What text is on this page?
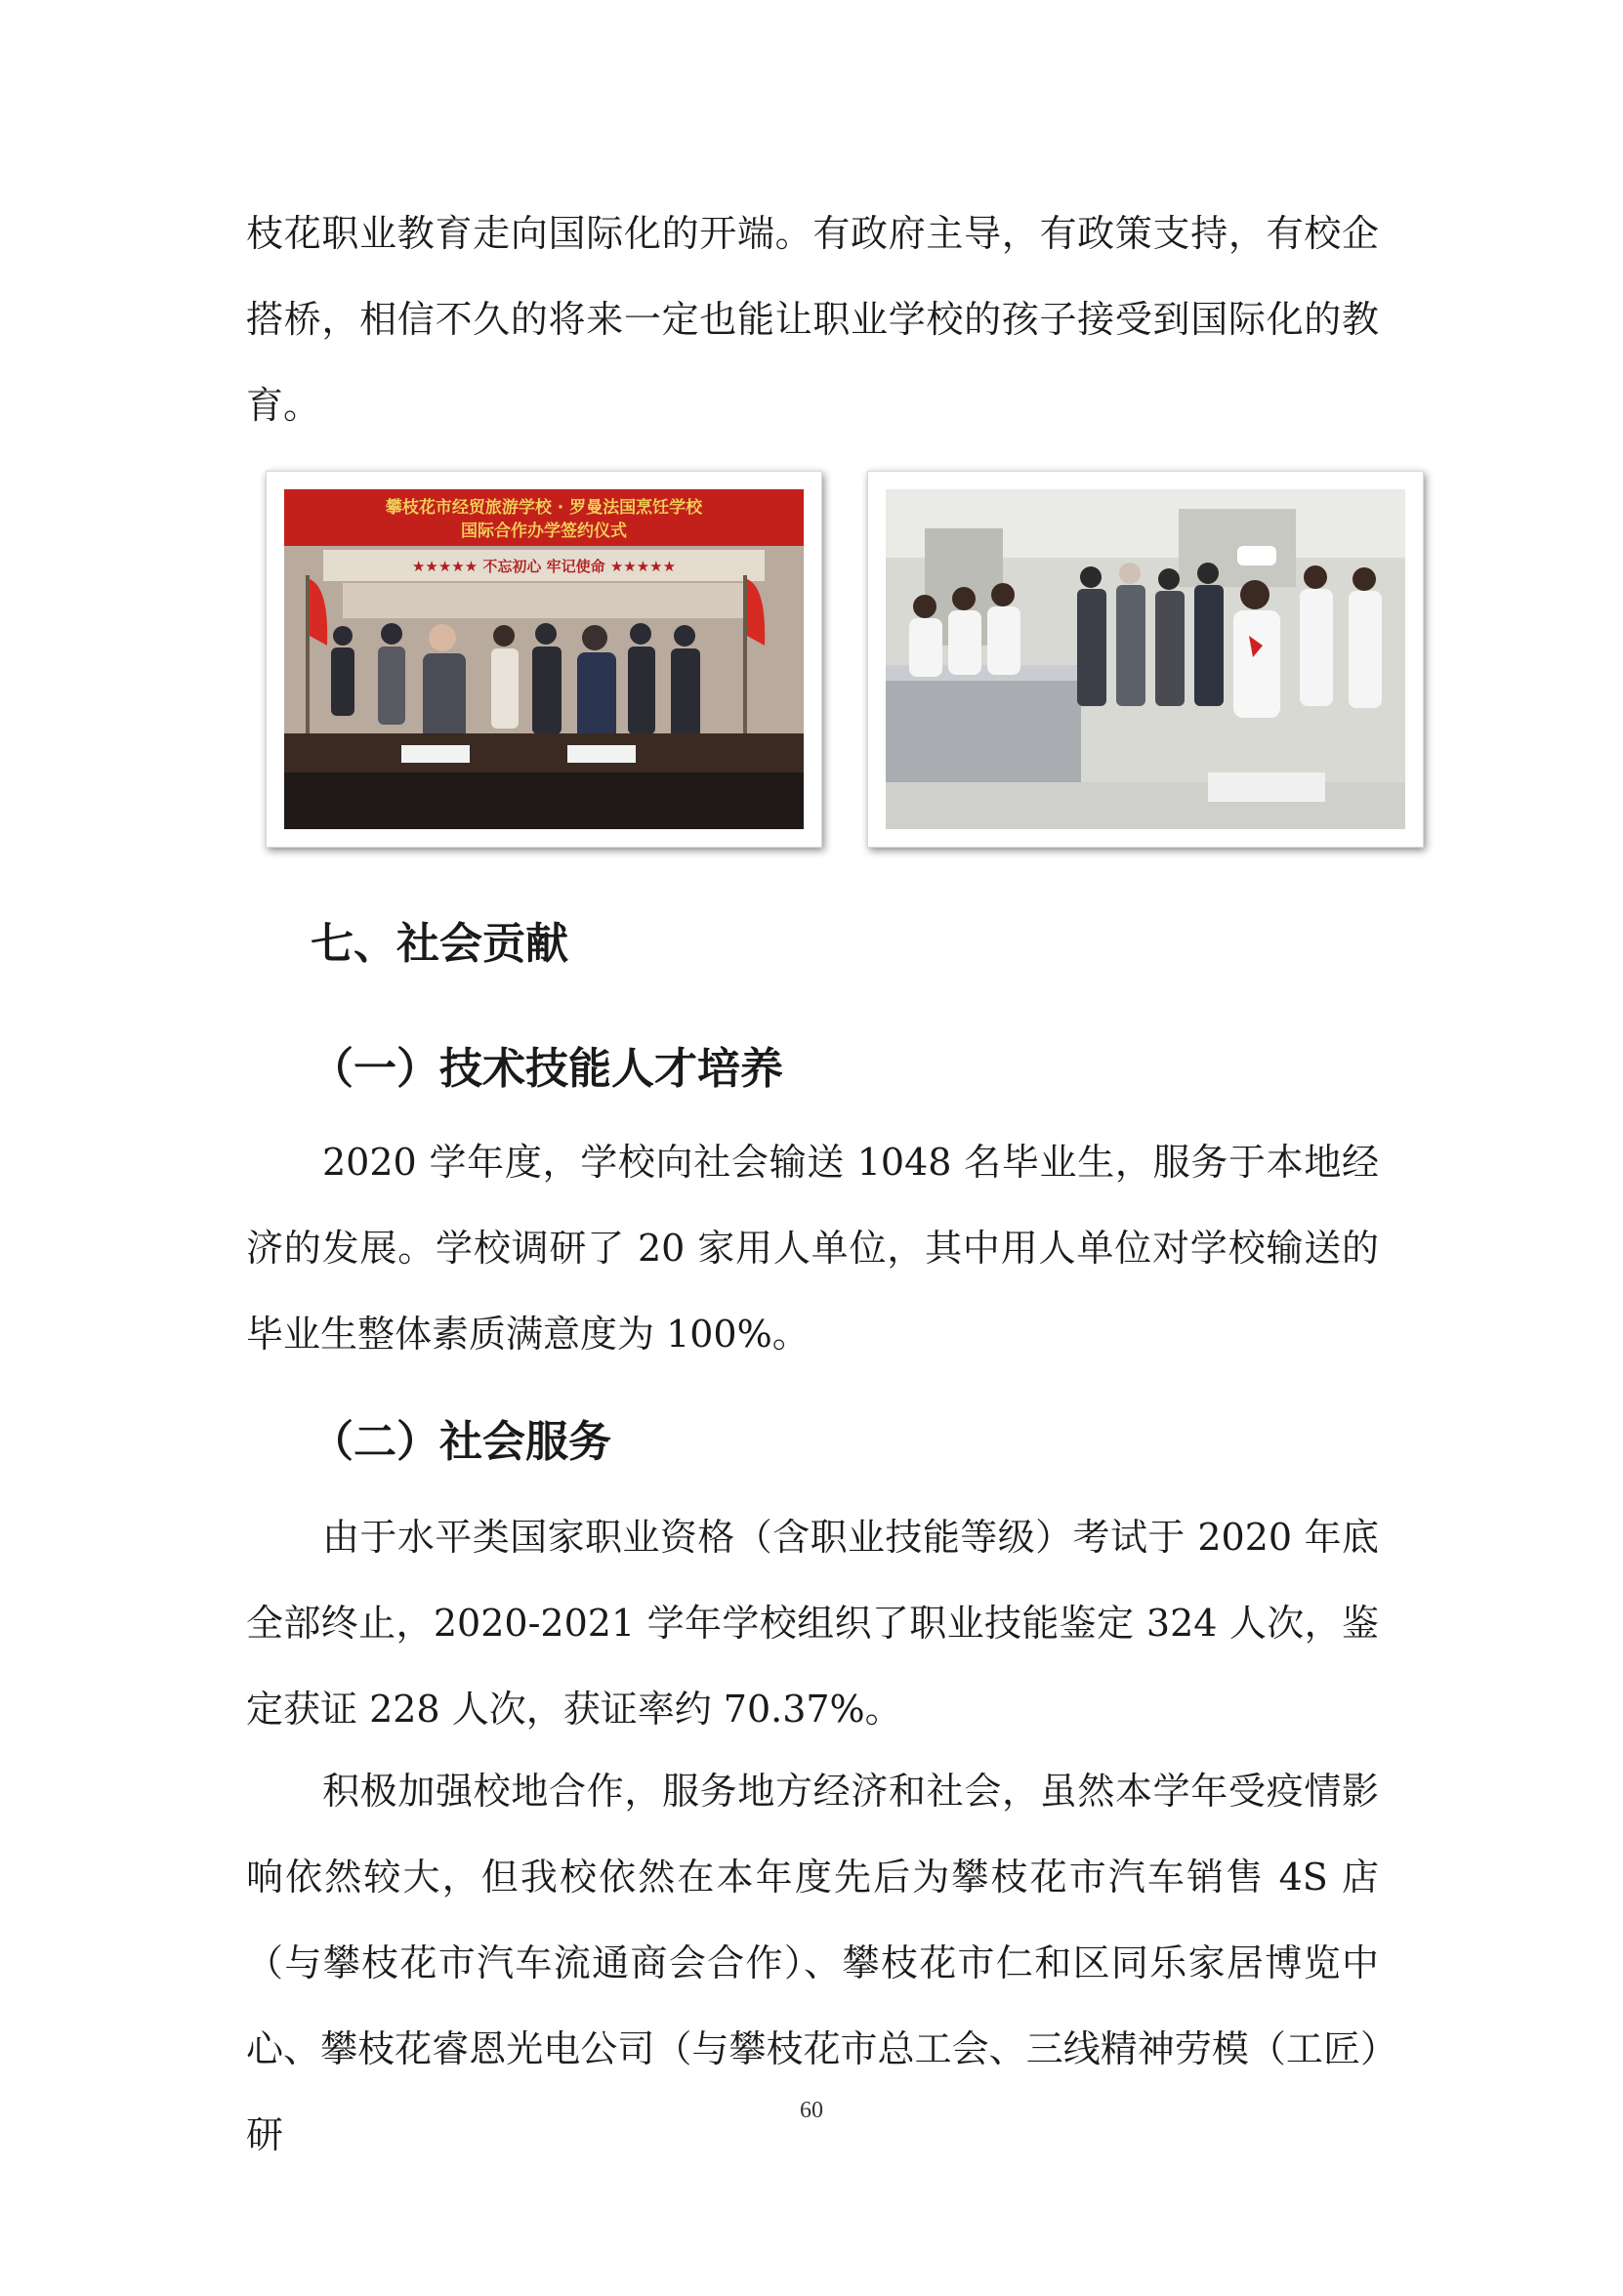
枝花职业教育走向国际化的开端。有政府主导，有政策支持，有校企搭桥，相信不久的将来一定也能让职业学校的孩子接受到国际化的教育。

攀枝花市经贸旅游学校 · 罗曼法国烹饪学校
国际合作办学签约仪式
★★★★★ 不忘初心 牢记使命 ★★★★★
七、社会贡献
（一）技术技能人才培养

2020 学年度，学校向社会输送 1048 名毕业生，服务于本地经济的发展。学校调研了 20 家用人单位，其中用人单位对学校输送的毕业生整体素质满意度为 100%。

（二）社会服务

由于水平类国家职业资格（含职业技能等级）考试于 2020 年底全部终止，2020-2021 学年学校组织了职业技能鉴定 324 人次，鉴定获证 228 人次，获证率约 70.37%。

积极加强校地合作，服务地方经济和社会，虽然本学年受疫情影响依然较大，但我校依然在本年度先后为攀枝花市汽车销售 4S 店（与攀枝花市汽车流通商会合作）、攀枝花市仁和区同乐家居博览中心、攀枝花睿恩光电公司（与攀枝花市总工会、三线精神劳模（工匠）研

60
